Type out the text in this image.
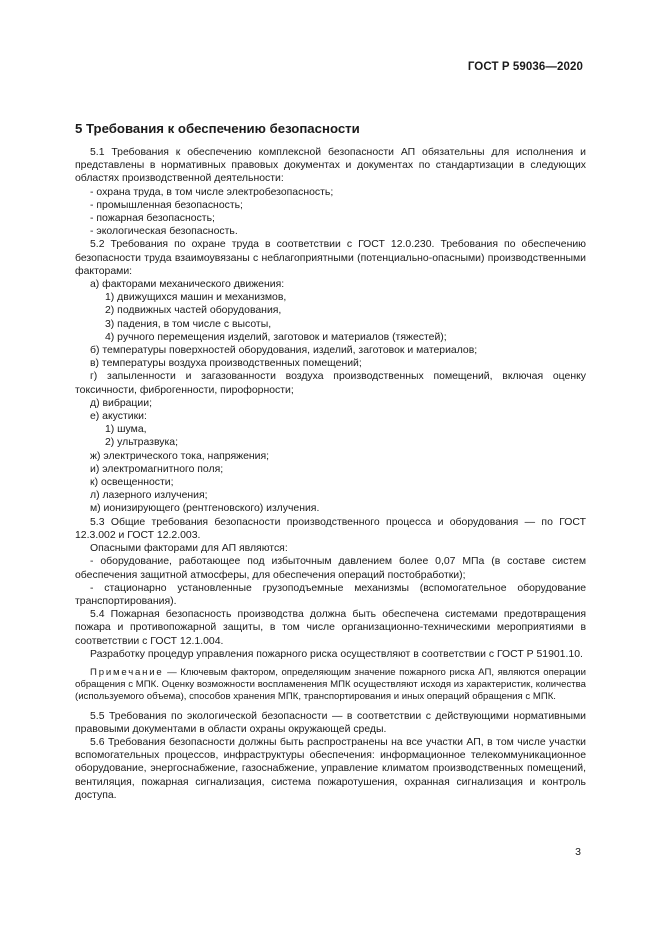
ГОСТ Р 59036—2020

5 Требования к обеспечению безопасности

5.1 Требования к обеспечению комплексной безопасности АП обязательны для исполнения и представлены в нормативных правовых документах и документах по стандартизации в следующих областях производственной деятельности:

- охрана труда, в том числе электробезопасность;

- промышленная безопасность;

- пожарная безопасность;

- экологическая безопасность.

5.2 Требования по охране труда в соответствии с ГОСТ 12.0.230. Требования по обеспечению безопасности труда взаимоувязаны с неблагоприятными (потенциально-опасными) производственными факторами:

а) факторами механического движения:

1) движущихся машин и механизмов,

2) подвижных частей оборудования,

3) падения, в том числе с высоты,

4) ручного перемещения изделий, заготовок и материалов (тяжестей);

б) температуры поверхностей оборудования, изделий, заготовок и материалов;

в) температуры воздуха производственных помещений;

г) запыленности и загазованности воздуха производственных помещений, включая оценку токсичности, фиброгенности, пирофорности;

д) вибрации;

е) акустики:

1) шума,

2) ультразвука;

ж) электрического тока, напряжения;

и) электромагнитного поля;

к) освещенности;

л) лазерного излучения;

м) ионизирующего (рентгеновского) излучения.

5.3 Общие требования безопасности производственного процесса и оборудования — по ГОСТ 12.3.002 и ГОСТ 12.2.003.

Опасными факторами для АП являются:

- оборудование, работающее под избыточным давлением более 0,07 МПа (в составе систем обеспечения защитной атмосферы, для обеспечения операций постобработки);

- стационарно установленные грузоподъемные механизмы (вспомогательное оборудование транспортирования).

5.4 Пожарная безопасность производства должна быть обеспечена системами предотвращения пожара и противопожарной защиты, в том числе организационно-техническими мероприятиями в соответствии с ГОСТ 12.1.004.

Разработку процедур управления пожарного риска осуществляют в соответствии с ГОСТ Р 51901.10.

Примечание — Ключевым фактором, определяющим значение пожарного риска АП, являются операции обращения с МПК. Оценку возможности воспламенения МПК осуществляют исходя из характеристик, количества (используемого объема), способов хранения МПК, транспортирования и иных операций обращения с МПК.

5.5 Требования по экологической безопасности — в соответствии с действующими нормативными правовыми документами в области охраны окружающей среды.

5.6 Требования безопасности должны быть распространены на все участки АП, в том числе участки вспомогательных процессов, инфраструктуры обеспечения: информационное телекоммуникационное оборудование, энергоснабжение, газоснабжение, управление климатом производственных помещений, вентиляция, пожарная сигнализация, система пожаротушения, охранная сигнализация и контроль доступа.

3
